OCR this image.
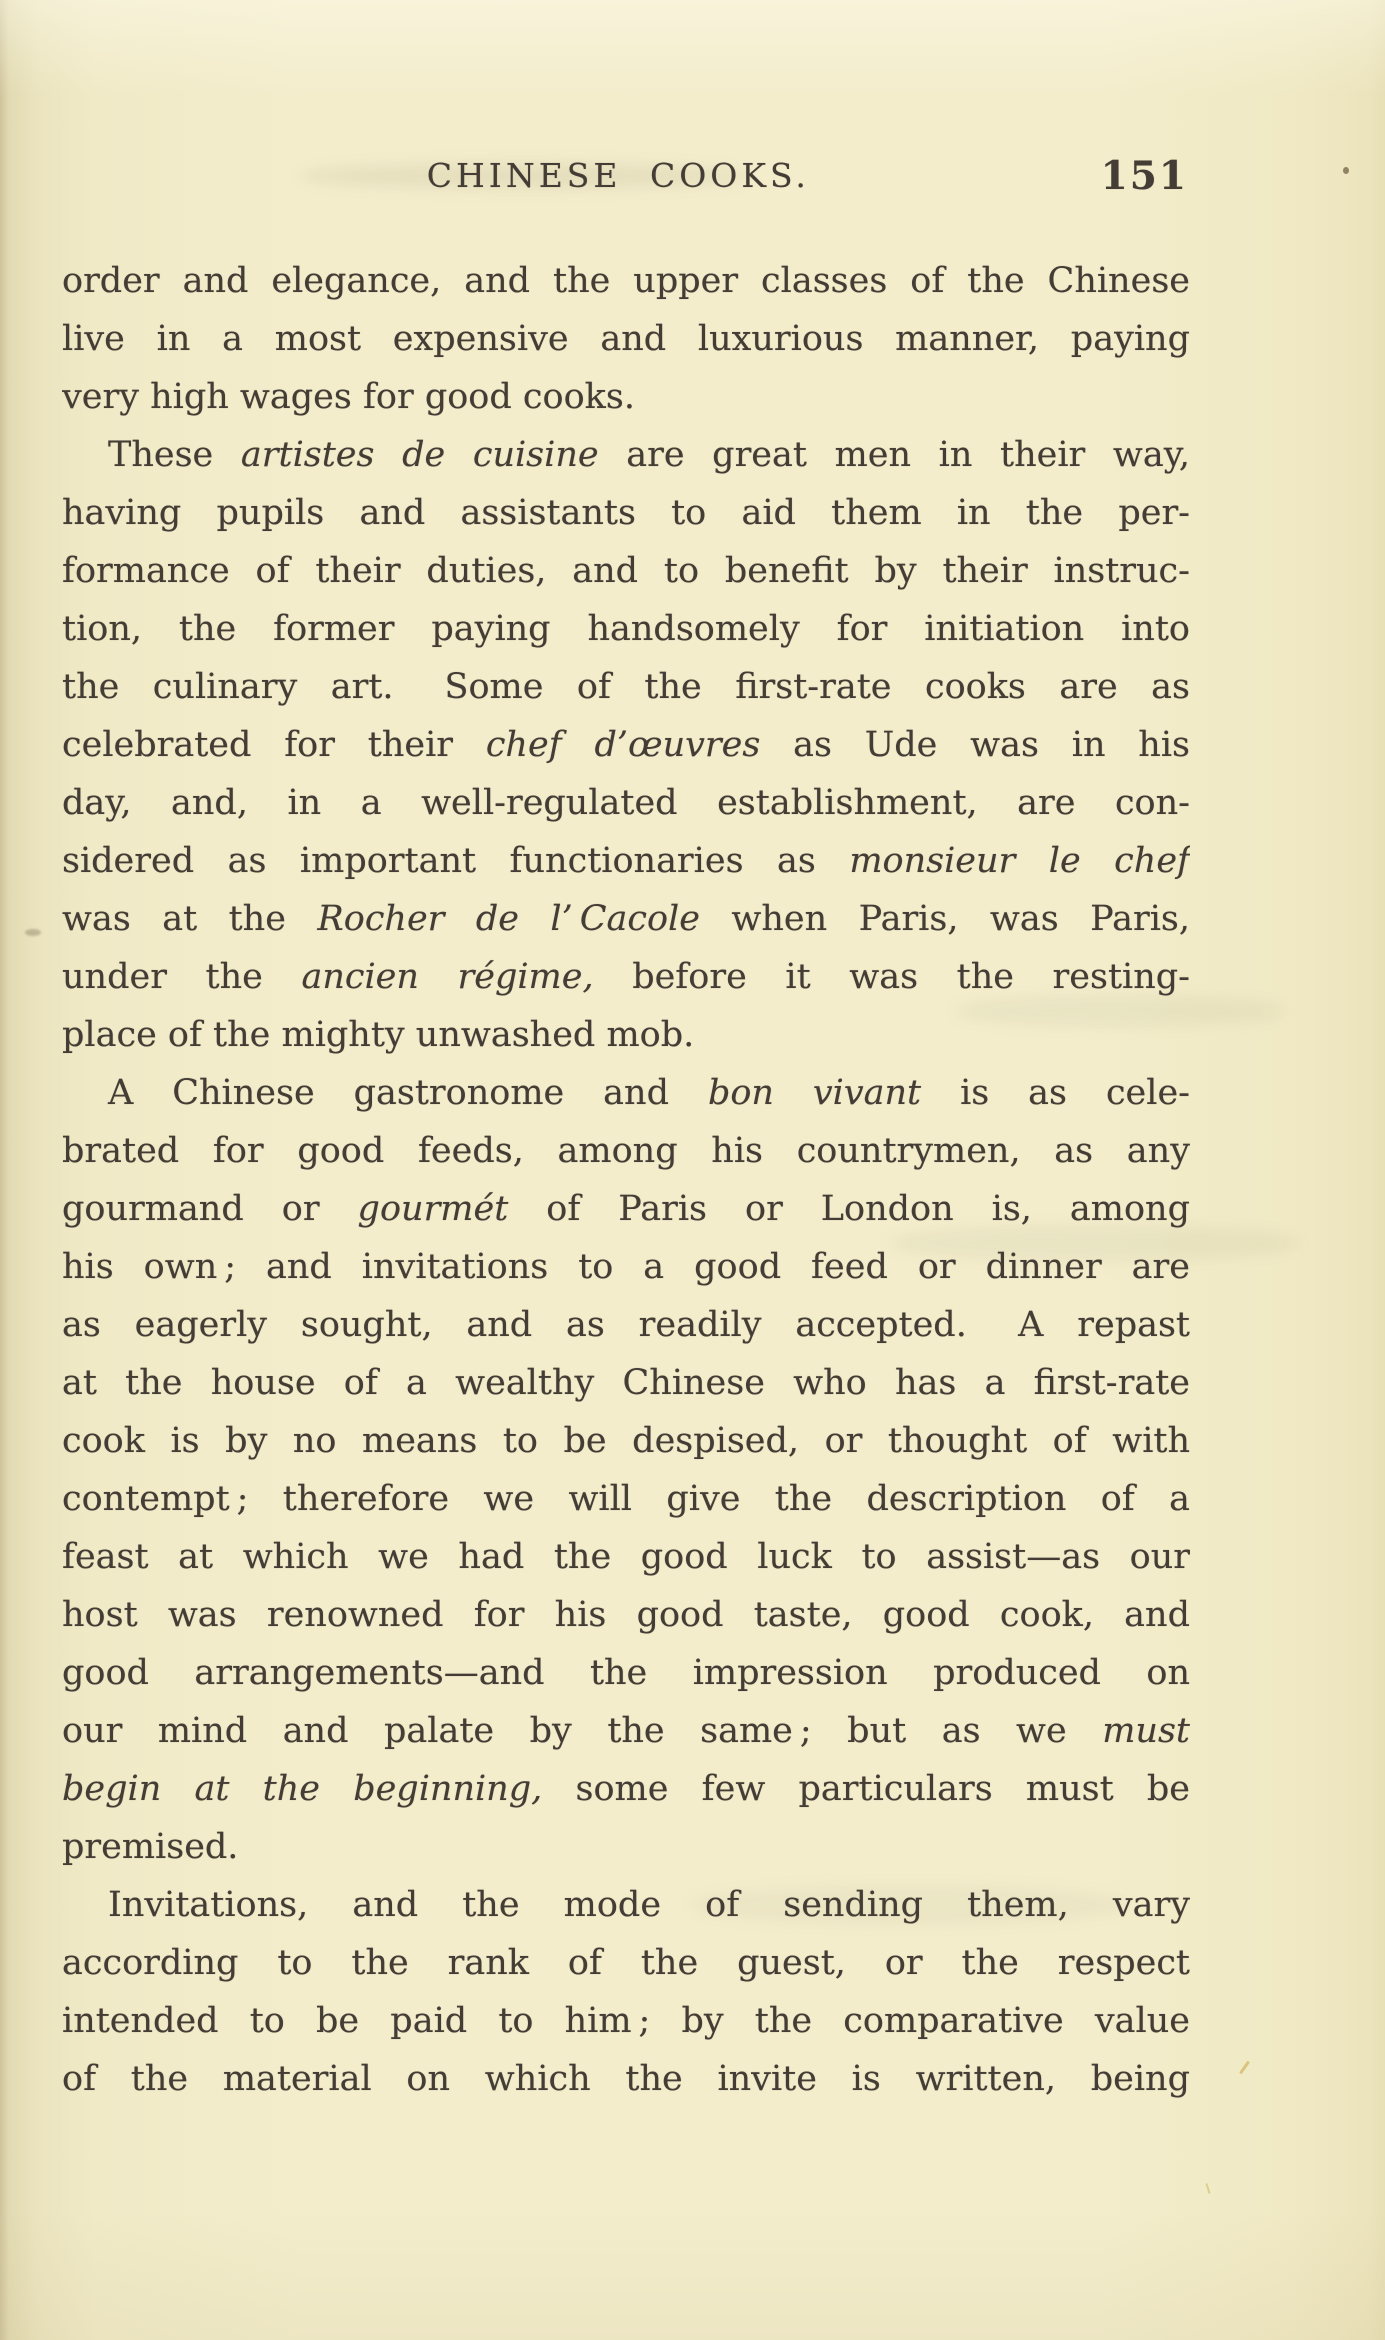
CHINESE COOKS.	151
order and elegance, and the upper classes of the Chinese
live in a most expensive and luxurious manner, paying
very high wages for good cooks.
These artistes de cuisine are great men in their way,
having pupils and assistants to aid them in the per-
formance of their duties, and to benefit by their instruc-
tion, the former paying handsomely for initiation into
the culinary art.  Some of the first-rate cooks are as
celebrated for their chef d’œuvres as Ude was in his
day, and, in a well-regulated establishment, are con-
sidered as important functionaries as monsieur le chef
was at the Rocher de l’ Cacole when Paris, was Paris,
under the ancien régime, before it was the resting-
place of the mighty unwashed mob.
A Chinese gastronome and bon vivant is as cele-
brated for good feeds, among his countrymen, as any
gourmand or gourmét of Paris or London is, among
his own ; and invitations to a good feed or dinner are
as eagerly sought, and as readily accepted.  A repast
at the house of a wealthy Chinese who has a first-rate
cook is by no means to be despised, or thought of with
contempt ; therefore we will give the description of a
feast at which we had the good luck to assist—as our
host was renowned for his good taste, good cook, and
good arrangements—and the impression produced on
our mind and palate by the same ; but as we must
begin at the beginning, some few particulars must be
premised.
Invitations, and the mode of sending them, vary
according to the rank of the guest, or the respect
intended to be paid to him ; by the comparative value
of the material on which the invite is written, being
